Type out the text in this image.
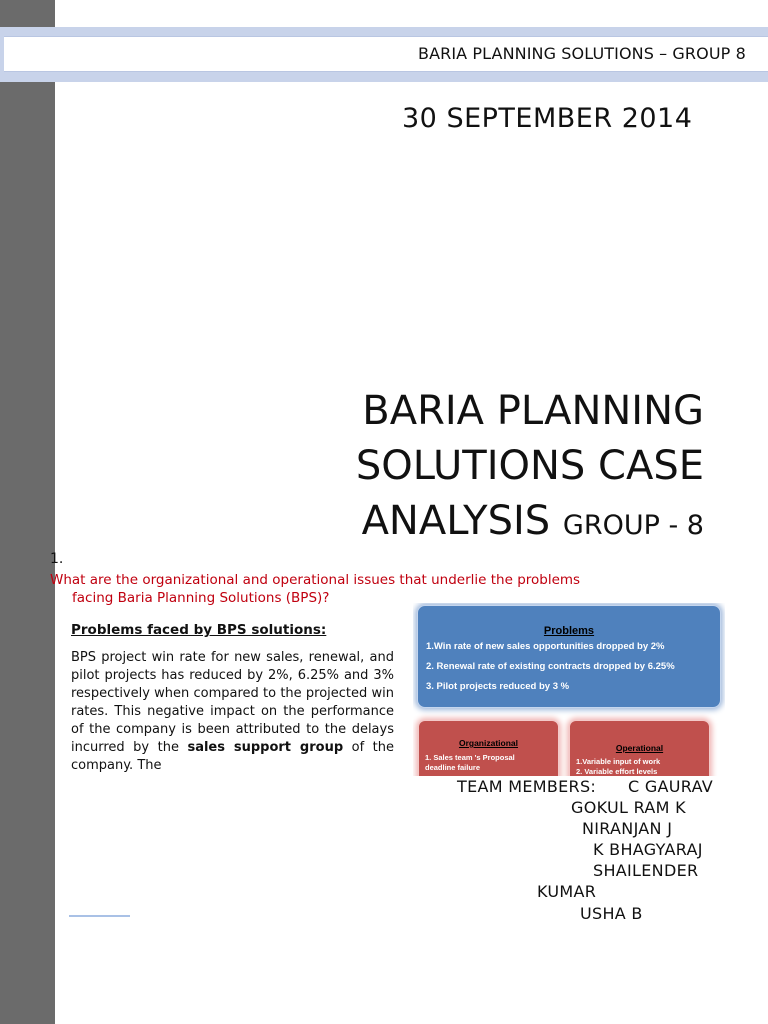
BARIA PLANNING SOLUTIONS – GROUP 8
30 SEPTEMBER 2014
BARIA PLANNING
SOLUTIONS CASE
ANALYSIS GROUP - 8
1.
What are the organizational and operational issues that underlie the problems
facing Baria Planning Solutions (BPS)?
Problems faced by BPS solutions:
BPS project win rate for new sales, renewal, and pilot projects has reduced by 2%, 6.25% and 3% respectively when compared to the projected win rates. This negative impact on the performance of the company is been attributed to the delays incurred by the sales support group of the company. The
Problems
1.Win rate of new sales opportunities dropped by 2%
2. Renewal rate of existing contracts dropped by 6.25%
3. Pilot projects reduced by 3 %
Organizational
1. Sales team 's Proposal deadline failure
Operational
1.Variable input of work
2. Variable effort levels
TEAM MEMBERS: C GAURAV
GOKUL RAM K
NIRANJAN J
K BHAGYARAJ
SHAILENDER
KUMAR
USHA B
